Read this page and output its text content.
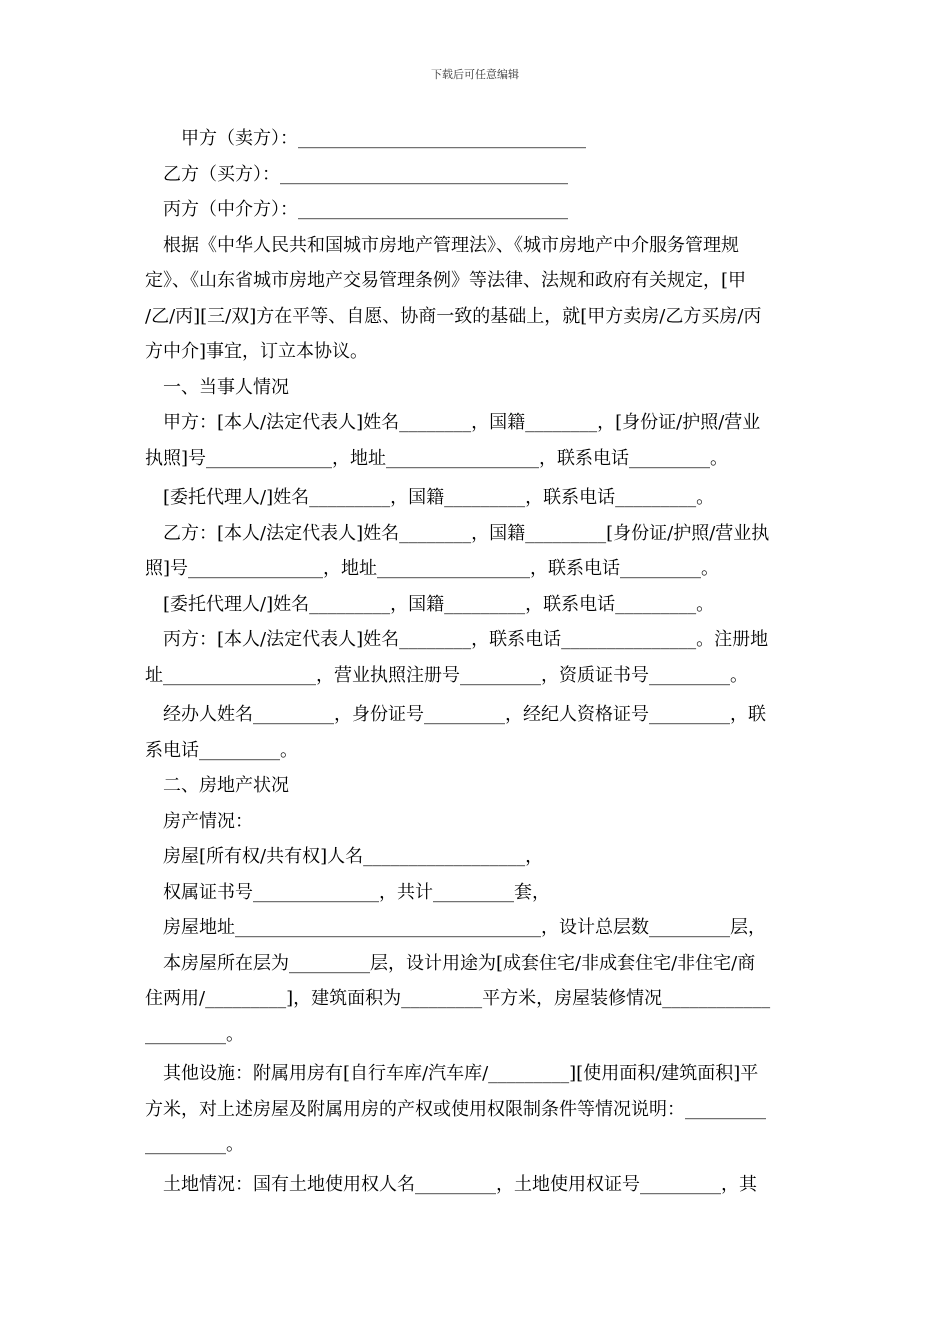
下载后可任意编辑
　甲方（卖方）：________________________________
乙方（买方）：________________________________
丙方（中介方）：______________________________
根据《中华人民共和国城市房地产管理法》、《城市房地产中介服务管理规
定》、《山东省城市房地产交易管理条例》等法律、法规和政府有关规定，[甲
/乙/丙][三/双]方在平等、自愿、协商一致的基础上，就[甲方卖房/乙方买房/丙
方中介]事宜，订立本协议。
一、当事人情况
甲方：[本人/法定代表人]姓名________，国籍________，[身份证/护照/营业
执照]号______________，地址_________________，联系电话_________。
[委托代理人/]姓名_________，国籍_________，联系电话_________。
乙方：[本人/法定代表人]姓名________，国籍_________[身份证/护照/营业执
照]号_______________，地址_________________，联系电话_________。
[委托代理人/]姓名_________，国籍_________，联系电话_________。
丙方：[本人/法定代表人]姓名________，联系电话_______________。注册地
址_________________，营业执照注册号_________，资质证书号_________。
经办人姓名_________，身份证号_________，经纪人资格证号_________，联
系电话_________。
二、房地产状况
房产情况：
房屋[所有权/共有权]人名__________________，
权属证书号______________，共计_________套，
房屋地址__________________________________，设计总层数_________层，
本房屋所在层为_________层，设计用途为[成套住宅/非成套住宅/非住宅/商
住两用/_________]，建筑面积为_________平方米，房屋装修情况____________
_________。
其他设施：附属用房有[自行车库/汽车库/_________][使用面积/建筑面积]平
方米，对上述房屋及附属用房的产权或使用权限制条件等情况说明：_________
_________。
土地情况：国有土地使用权人名_________，土地使用权证号_________，其
